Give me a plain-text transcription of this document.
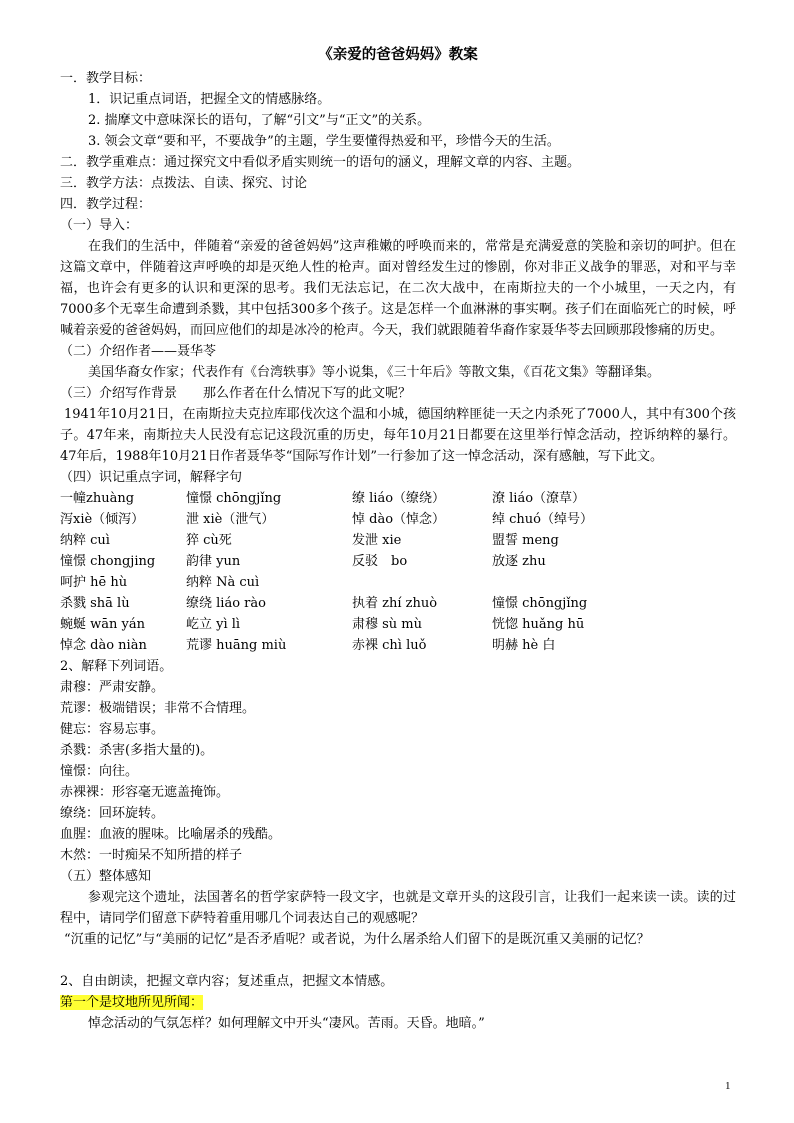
《亲爱的爸爸妈妈》教案
一．教学目标：
1．识记重点词语，把握全文的情感脉络。
2. 揣摩文中意味深长的语句，了解“引文”与“正文”的关系。
3. 领会文章“要和平，不要战争”的主题，学生要懂得热爱和平，珍惜今天的生活。
二．教学重难点：通过探究文中看似矛盾实则统一的语句的涵义，理解文章的内容、主题。
三．教学方法：点拨法、自读、探究、讨论
四．教学过程：
（一）导入：

在我们的生活中，伴随着“亲爱的爸爸妈妈”这声稚嫩的呼唤而来的，常常是充满爱意的笑脸和亲切的呵护。但在这篇文章中，伴随着这声呼唤的却是灭绝人性的枪声。面对曾经发生过的惨剧，你对非正义战争的罪恶，对和平与幸福，也许会有更多的认识和更深的思考。我们无法忘记，在二次大战中，在南斯拉夫的一个小城里，一天之内，有7000多个无辜生命遭到杀戮，其中包括300多个孩子。这是怎样一个血淋淋的事实啊。孩子们在面临死亡的时候，呼喊着亲爱的爸爸妈妈，而回应他们的却是冰冷的枪声。今天，我们就跟随着华裔作家聂华苓去回顾那段惨痛的历史。

（二）介绍作者——聂华苓
美国华裔女作家；代表作有《台湾轶事》等小说集，《三十年后》等散文集，《百花文集》等翻译集。
（三）介绍写作背景　　那么作者在什么情况下写的此文呢？

1941年10月21日，在南斯拉夫克拉库耶伐次这个温和小城，德国纳粹匪徒一天之内杀死了7000人，其中有300个孩子。47年来，南斯拉夫人民没有忘记这段沉重的历史，每年10月21日都要在这里举行悼念活动，控诉纳粹的暴行。47年后，1988年10月21日作者聂华苓“国际写作计划”一行参加了这一悼念活动，深有感触，写下此文。

（四）识记重点字词，解释字句
一幢zhuàng	憧憬 chōngjǐng	缭 liáo（缭绕）	潦 liáo（潦草）
泻xiè（倾泻）	泄 xiè（泄气）	悼 dào（悼念）	绰 chuó（绰号）
纳粹 cuì	猝 cù死	发泄 xie	盟誓 meng
憧憬 chongjing	韵律 yun	反驳　bo	放逐 zhu
呵护 hē hù	纳粹 Nà cuì
杀戮 shā lù	缭绕 liáo rào	执着 zhí zhuò	憧憬 chōngjǐng
蜿蜒 wān yán	屹立 yì lì	肃穆 sù mù	恍惚 huǎng hū
悼念 dào niàn	荒谬 huāng miù	赤裸 chì luǒ	明赫 hè 白
2、解释下列词语。
肃穆：严肃安静。
荒谬：极端错误；非常不合情理。
健忘：容易忘事。
杀戮：杀害(多指大量的)。
憧憬：向往。
赤裸裸：形容毫无遮盖掩饰。
缭绕：回环旋转。
血腥：血液的腥味。比喻屠杀的残酷。
木然：一时痴呆不知所措的样子
（五）整体感知

参观完这个遗址，法国著名的哲学家萨特一段文字，也就是文章开头的这段引言，让我们一起来读一读。读的过程中，请同学们留意下萨特着重用哪几个词表达自己的观感呢？

“沉重的记忆”与“美丽的记忆”是否矛盾呢？或者说，为什么屠杀给人们留下的是既沉重又美丽的记忆？

2、自由朗读，把握文章内容；复述重点，把握文本情感。

第一个是坟地所见所闻：
悼念活动的气氛怎样？如何理解文中开头“凄风。苦雨。天昏。地暗。”
1
